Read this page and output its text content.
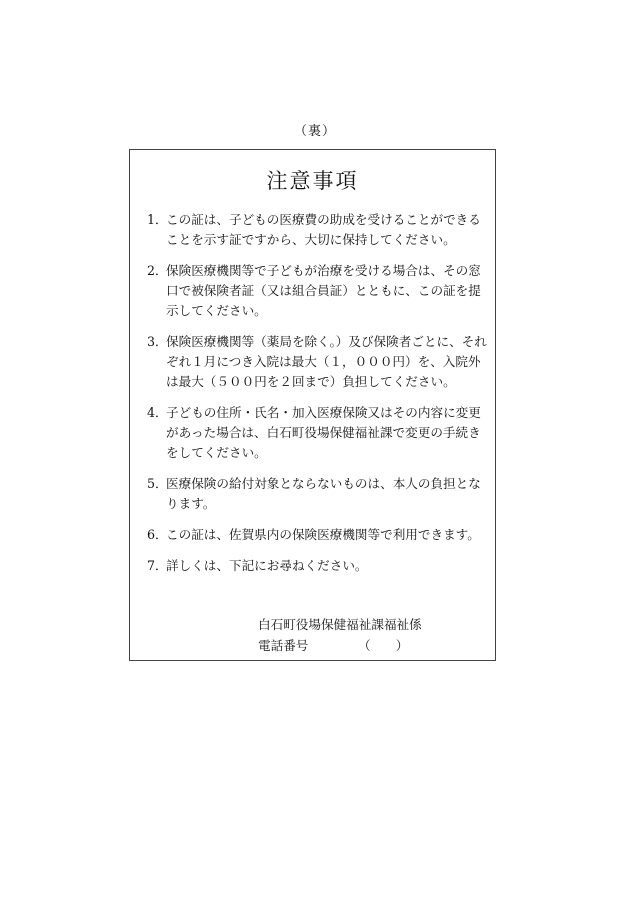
（裏）
注意事項
1．
この証は、子どもの医療費の助成を受けることができることを示す証ですから、大切に保持してください。
2．
保険医療機関等で子どもが治療を受ける場合は、その窓口で被保険者証（又は組合員証）とともに、この証を提示してください。
3．
保険医療機関等（薬局を除く。）及び保険者ごとに、それぞれ１月につき入院は最大（１，０００円）を、入院外は最大（５００円を２回まで）負担してください。
4．
子どもの住所・氏名・加入医療保険又はその内容に変更があった場合は、白石町役場保健福祉課で変更の手続きをしてください。
5．
医療保険の給付対象とならないものは、本人の負担となります。
6．
この証は、佐賀県内の保険医療機関等で利用できます。
7．
詳しくは、下記にお尋ねください。
白石町役場保健福祉課福祉係
電話番号	（　　）
